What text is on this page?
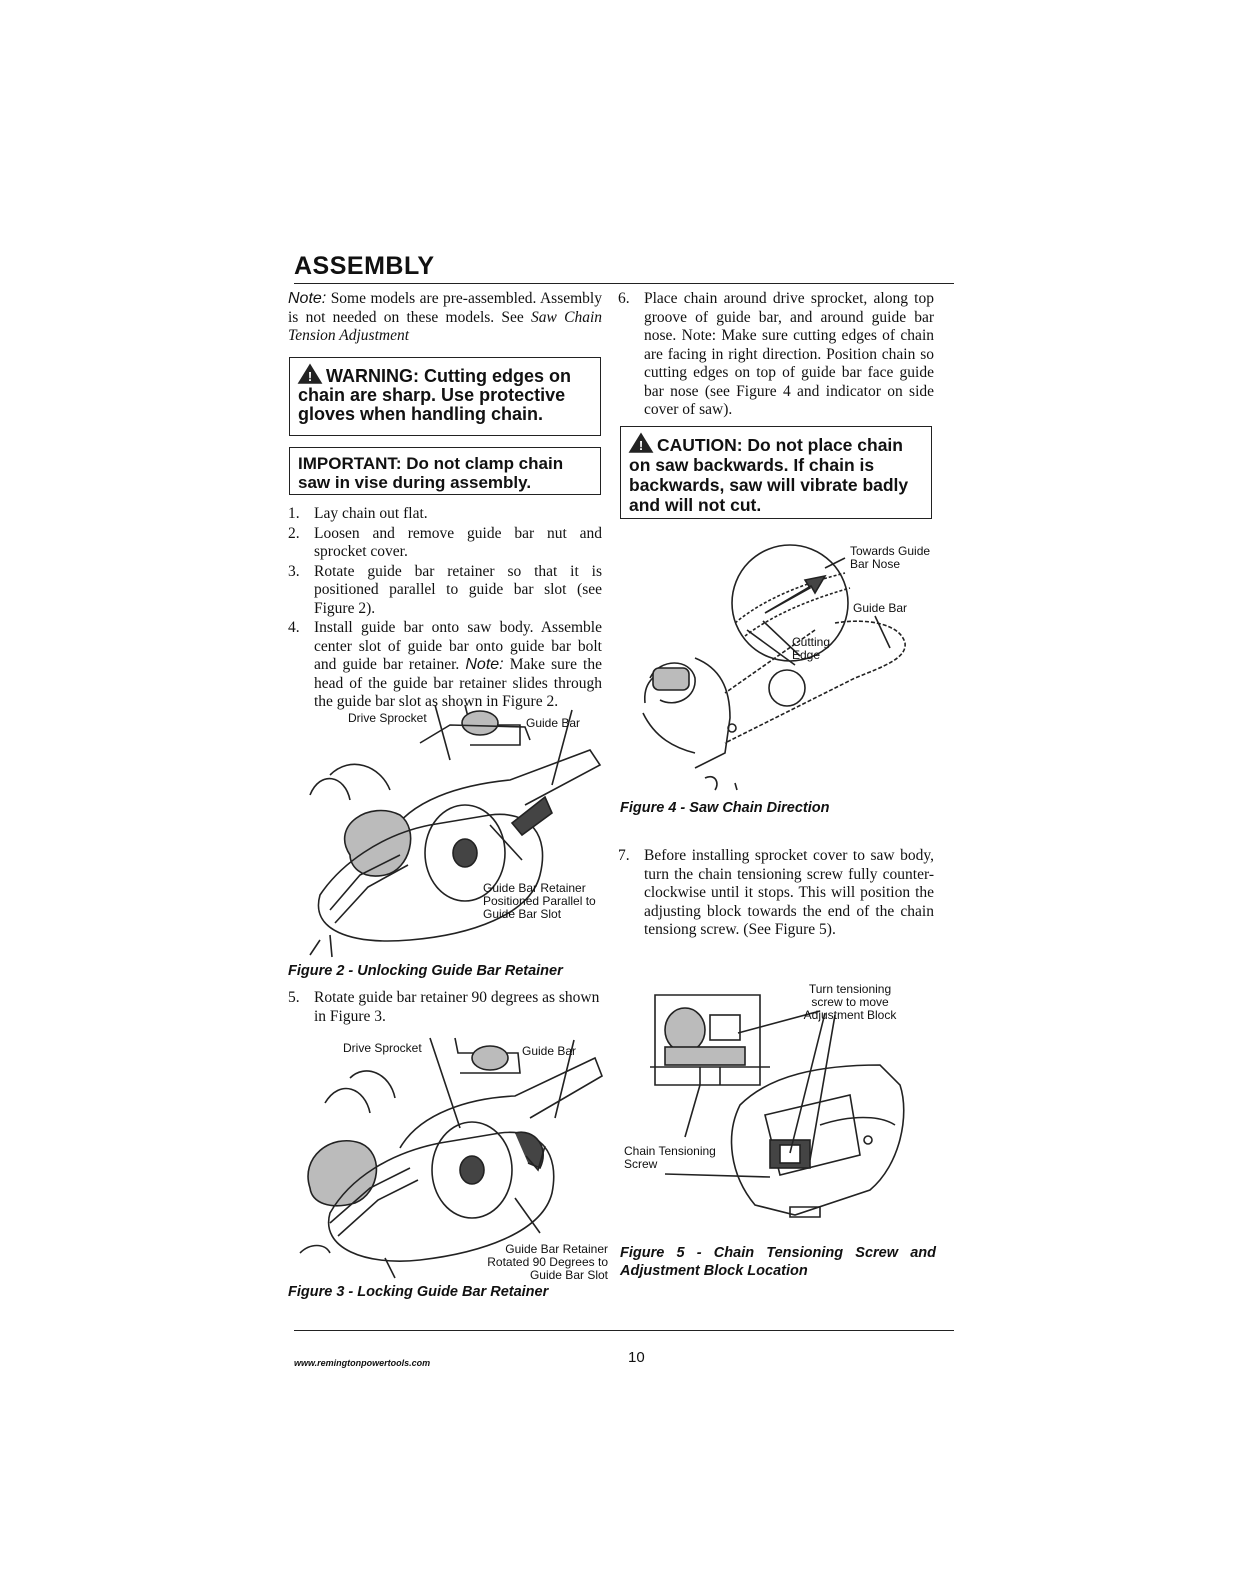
ASSEMBLY
Note: Some models are pre-assembled. Assembly is not needed on these models. See Saw Chain Tension Adjustment
! WARNING: Cutting edges on chain are sharp. Use protective gloves when handling chain.
IMPORTANT: Do not clamp chain saw in vise during assembly.
1. Lay chain out flat.
2. Loosen and remove guide bar nut and sprocket cover.
3. Rotate guide bar retainer so that it is positioned parallel to guide bar slot (see Figure 2).
4. Install guide bar onto saw body. Assemble center slot of guide bar onto guide bar bolt and guide bar retainer. Note: Make sure the head of the guide bar retainer slides through the guide bar slot as shown in Figure 2.
Drive Sprocket	Guide Bar
Guide Bar Retainer Positioned Parallel to Guide Bar Slot
Figure 2 - Unlocking Guide Bar Retainer
5. Rotate guide bar retainer 90 degrees as shown in Figure 3.
Drive Sprocket	Guide Bar
Guide Bar Retainer Rotated 90 Degrees to Guide Bar Slot
Figure 3 - Locking Guide Bar Retainer
6. Place chain around drive sprocket, along top groove of guide bar, and around guide bar nose. Note: Make sure cutting edges of chain are facing in right direction. Position chain so cutting edges on top of guide bar face guide bar nose (see Figure 4 and indicator on side cover of saw).
! CAUTION: Do not place chain on saw backwards. If chain is backwards, saw will vibrate badly and will not cut.
Towards Guide Bar Nose
Guide Bar
Cutting Edge
Figure 4 - Saw Chain Direction
7. Before installing sprocket cover to saw body, turn the chain tensioning screw fully counter-clockwise until it stops. This will position the adjusting block towards the end of the chain tensiong screw. (See Figure 5).
Turn tensioning screw to move Adjustment Block
Chain Tensioning Screw
Figure 5 - Chain Tensioning Screw and Adjustment Block Location
www.remingtonpowertools.com	10
